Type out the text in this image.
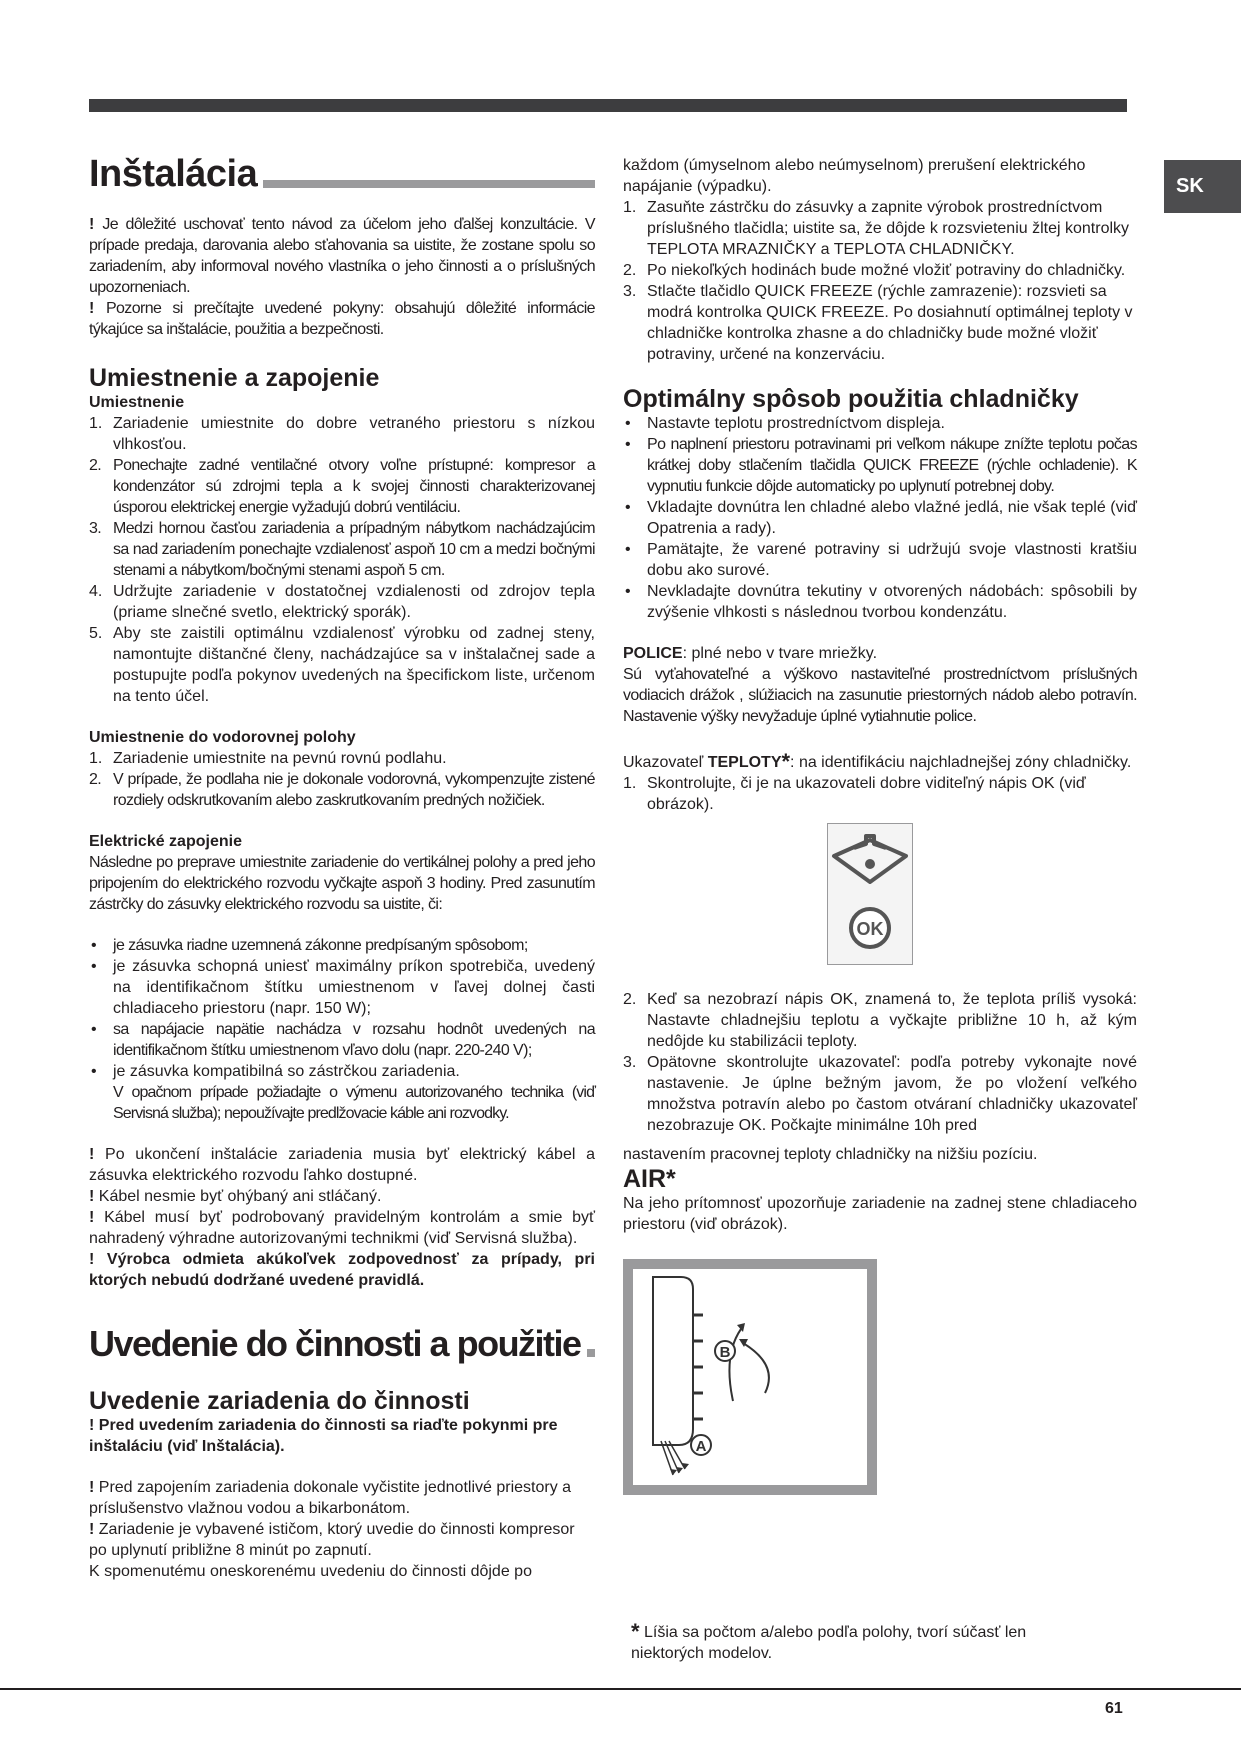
SK
Inštalácia

! Je dôležité uschovať tento návod za účelom jeho ďalšej konzultácie. V prípade predaja, darovania alebo sťahovania sa uistite, že zostane spolu so zariadením, aby informoval nového vlastníka o jeho činnosti a o príslušných upozorneniach.

! Pozorne si prečítajte uvedené pokyny: obsahujú dôležité informácie týkajúce sa inštalácie, použitia a bezpečnosti.

Umiestnenie a zapojenie
Umiestnenie
1. Zariadenie umiestnite do dobre vetraného priestoru s nízkou vlhkosťou.
2. Ponechajte zadné ventilačné otvory voľne prístupné: kompresor a kondenzátor sú zdrojmi tepla a k svojej činnosti charakterizovanej úsporou elektrickej energie vyžadujú dobrú ventiláciu.
3. Medzi hornou časťou zariadenia a prípadným nábytkom nachádzajúcim sa nad zariadením ponechajte vzdialenosť aspoň 10 cm a medzi bočnými stenami a nábytkom/bočnými stenami aspoň 5 cm.
4. Udržujte zariadenie v dostatočnej vzdialenosti od zdrojov tepla (priame slnečné svetlo, elektrický sporák).
5. Aby ste zaistili optimálnu vzdialenosť výrobku od zadnej steny, namontujte dištančné členy, nachádzajúce sa v inštalačnej sade a postupujte podľa pokynov uvedených na špecifickom liste, určenom na tento účel.
Umiestnenie do vodorovnej polohy
1. Zariadenie umiestnite na pevnú rovnú podlahu.
2. V prípade, že podlaha nie je dokonale vodorovná, vykompenzujte zistené rozdiely odskrutkovaním alebo zaskrutkovaním predných nožičiek.
Elektrické zapojenie

Následne po preprave umiestnite zariadenie do vertikálnej polohy a pred jeho pripojením do elektrického rozvodu vyčkajte aspoň 3 hodiny. Pred zasunutím zástrčky do zásuvky elektrického rozvodu sa uistite, či:

• je zásuvka riadne uzemnená zákonne predpísaným spôsobom;
• je zásuvka schopná uniesť maximálny príkon spotrebiča, uvedený na identifikačnom štítku umiestnenom v ľavej dolnej časti chladiaceho priestoru (napr. 150 W);
• sa napájacie napätie nachádza v rozsahu hodnôt uvedených na identifikačnom štítku umiestnenom vľavo dolu (napr. 220-240 V);
• je zásuvka kompatibilná so zástrčkou zariadenia.
V opačnom prípade požiadajte o výmenu autorizovaného technika (viď Servisná služba); nepoužívajte predlžovacie káble ani rozvodky.

! Po ukončení inštalácie zariadenia musia byť elektrický kábel a zásuvka elektrického rozvodu ľahko dostupné.

! Kábel nesmie byť ohýbaný ani stláčaný.

! Kábel musí byť podrobovaný pravidelným kontrolám a smie byť nahradený výhradne autorizovanými technikmi (viď Servisná služba).

! Výrobca odmieta akúkoľvek zodpovednosť za prípady, pri ktorých nebudú dodržané uvedené pravidlá.

Uvedenie do činnosti a použitie
Uvedenie zariadenia do činnosti

! Pred uvedením zariadenia do činnosti sa riaďte pokynmi pre inštaláciu (viď Inštalácia).

! Pred zapojením zariadenia dokonale vyčistite jednotlivé priestory a príslušenstvo vlažnou vodou a bikarbonátom.

! Zariadenie je vybavené ističom, ktorý uvedie do činnosti kompresor po uplynutí približne 8 minút po zapnutí.

K spomenutému oneskorenému uvedeniu do činnosti dôjde po

každom (úmyselnom alebo neúmyselnom) prerušení elektrického napájanie (výpadku).

1. Zasuňte zástrčku do zásuvky a zapnite výrobok prostredníctvom príslušného tlačidla; uistite sa, že dôjde k rozsvieteniu žltej kontrolky TEPLOTA MRAZNIČKY a TEPLOTA CHLADNIČKY.
2. Po niekoľkých hodinách bude možné vložiť potraviny do chladničky.
3. Stlačte tlačidlo QUICK FREEZE (rýchle zamrazenie): rozsvieti sa modrá kontrolka QUICK FREEZE. Po dosiahnutí optimálnej teploty v chladničke kontrolka zhasne a do chladničky bude možné vložiť potraviny, určené na konzerváciu.
Optimálny spôsob použitia chladničky
• Nastavte teplotu prostredníctvom displeja.
• Po naplnení priestoru potravinami pri veľkom nákupe znížte teplotu počas krátkej doby stlačením tlačidla QUICK FREEZE (rýchle ochladenie). K vypnutiu funkcie dôjde automaticky po uplynutí potrebnej doby.
• Vkladajte dovnútra len chladné alebo vlažné jedlá, nie však teplé (viď Opatrenia a rady).
• Pamätajte, že varené potraviny si udržujú svoje vlastnosti kratšiu dobu ako surové.
• Nevkladajte dovnútra tekutiny v otvorených nádobách: spôsobili by zvýšenie vlhkosti s následnou tvorbou kondenzátu.

POLICE: plné nebo v tvare mriežky.

Sú vyťahovateľné a výškovo nastaviteľné prostredníctvom príslušných vodiacich drážok , slúžiacich na zasunutie priestorných nádob alebo potravín. Nastavenie výšky nevyžaduje úplné vytiahnutie police.

Ukazovateľ TEPLOTY*: na identifikáciu najchladnejšej zóny chladničky.

1. Skontrolujte, či je na ukazovateli dobre viditeľný nápis OK (viď obrázok).
OK
2. Keď sa nezobrazí nápis OK, znamená to, že teplota príliš vysoká: Nastavte chladnejšiu teplotu a vyčkajte približne 10 h, až kým nedôjde ku stabilizácii teploty.
3. Opätovne skontrolujte ukazovateľ: podľa potreby vykonajte nové nastavenie. Je úplne bežným javom, že po vložení veľkého množstva potravín alebo po častom otváraní chladničky ukazovateľ nezobrazuje OK. Počkajte minimálne 10h pred

nastavením pracovnej teploty chladničky na nižšiu pozíciu.

AIR*

Na jeho prítomnosť upozorňuje zariadenie na zadnej stene chladiaceho priestoru (viď obrázok).

B
A
* Líšia sa počtom a/alebo podľa polohy, tvorí súčasť len niektorých modelov.
61
